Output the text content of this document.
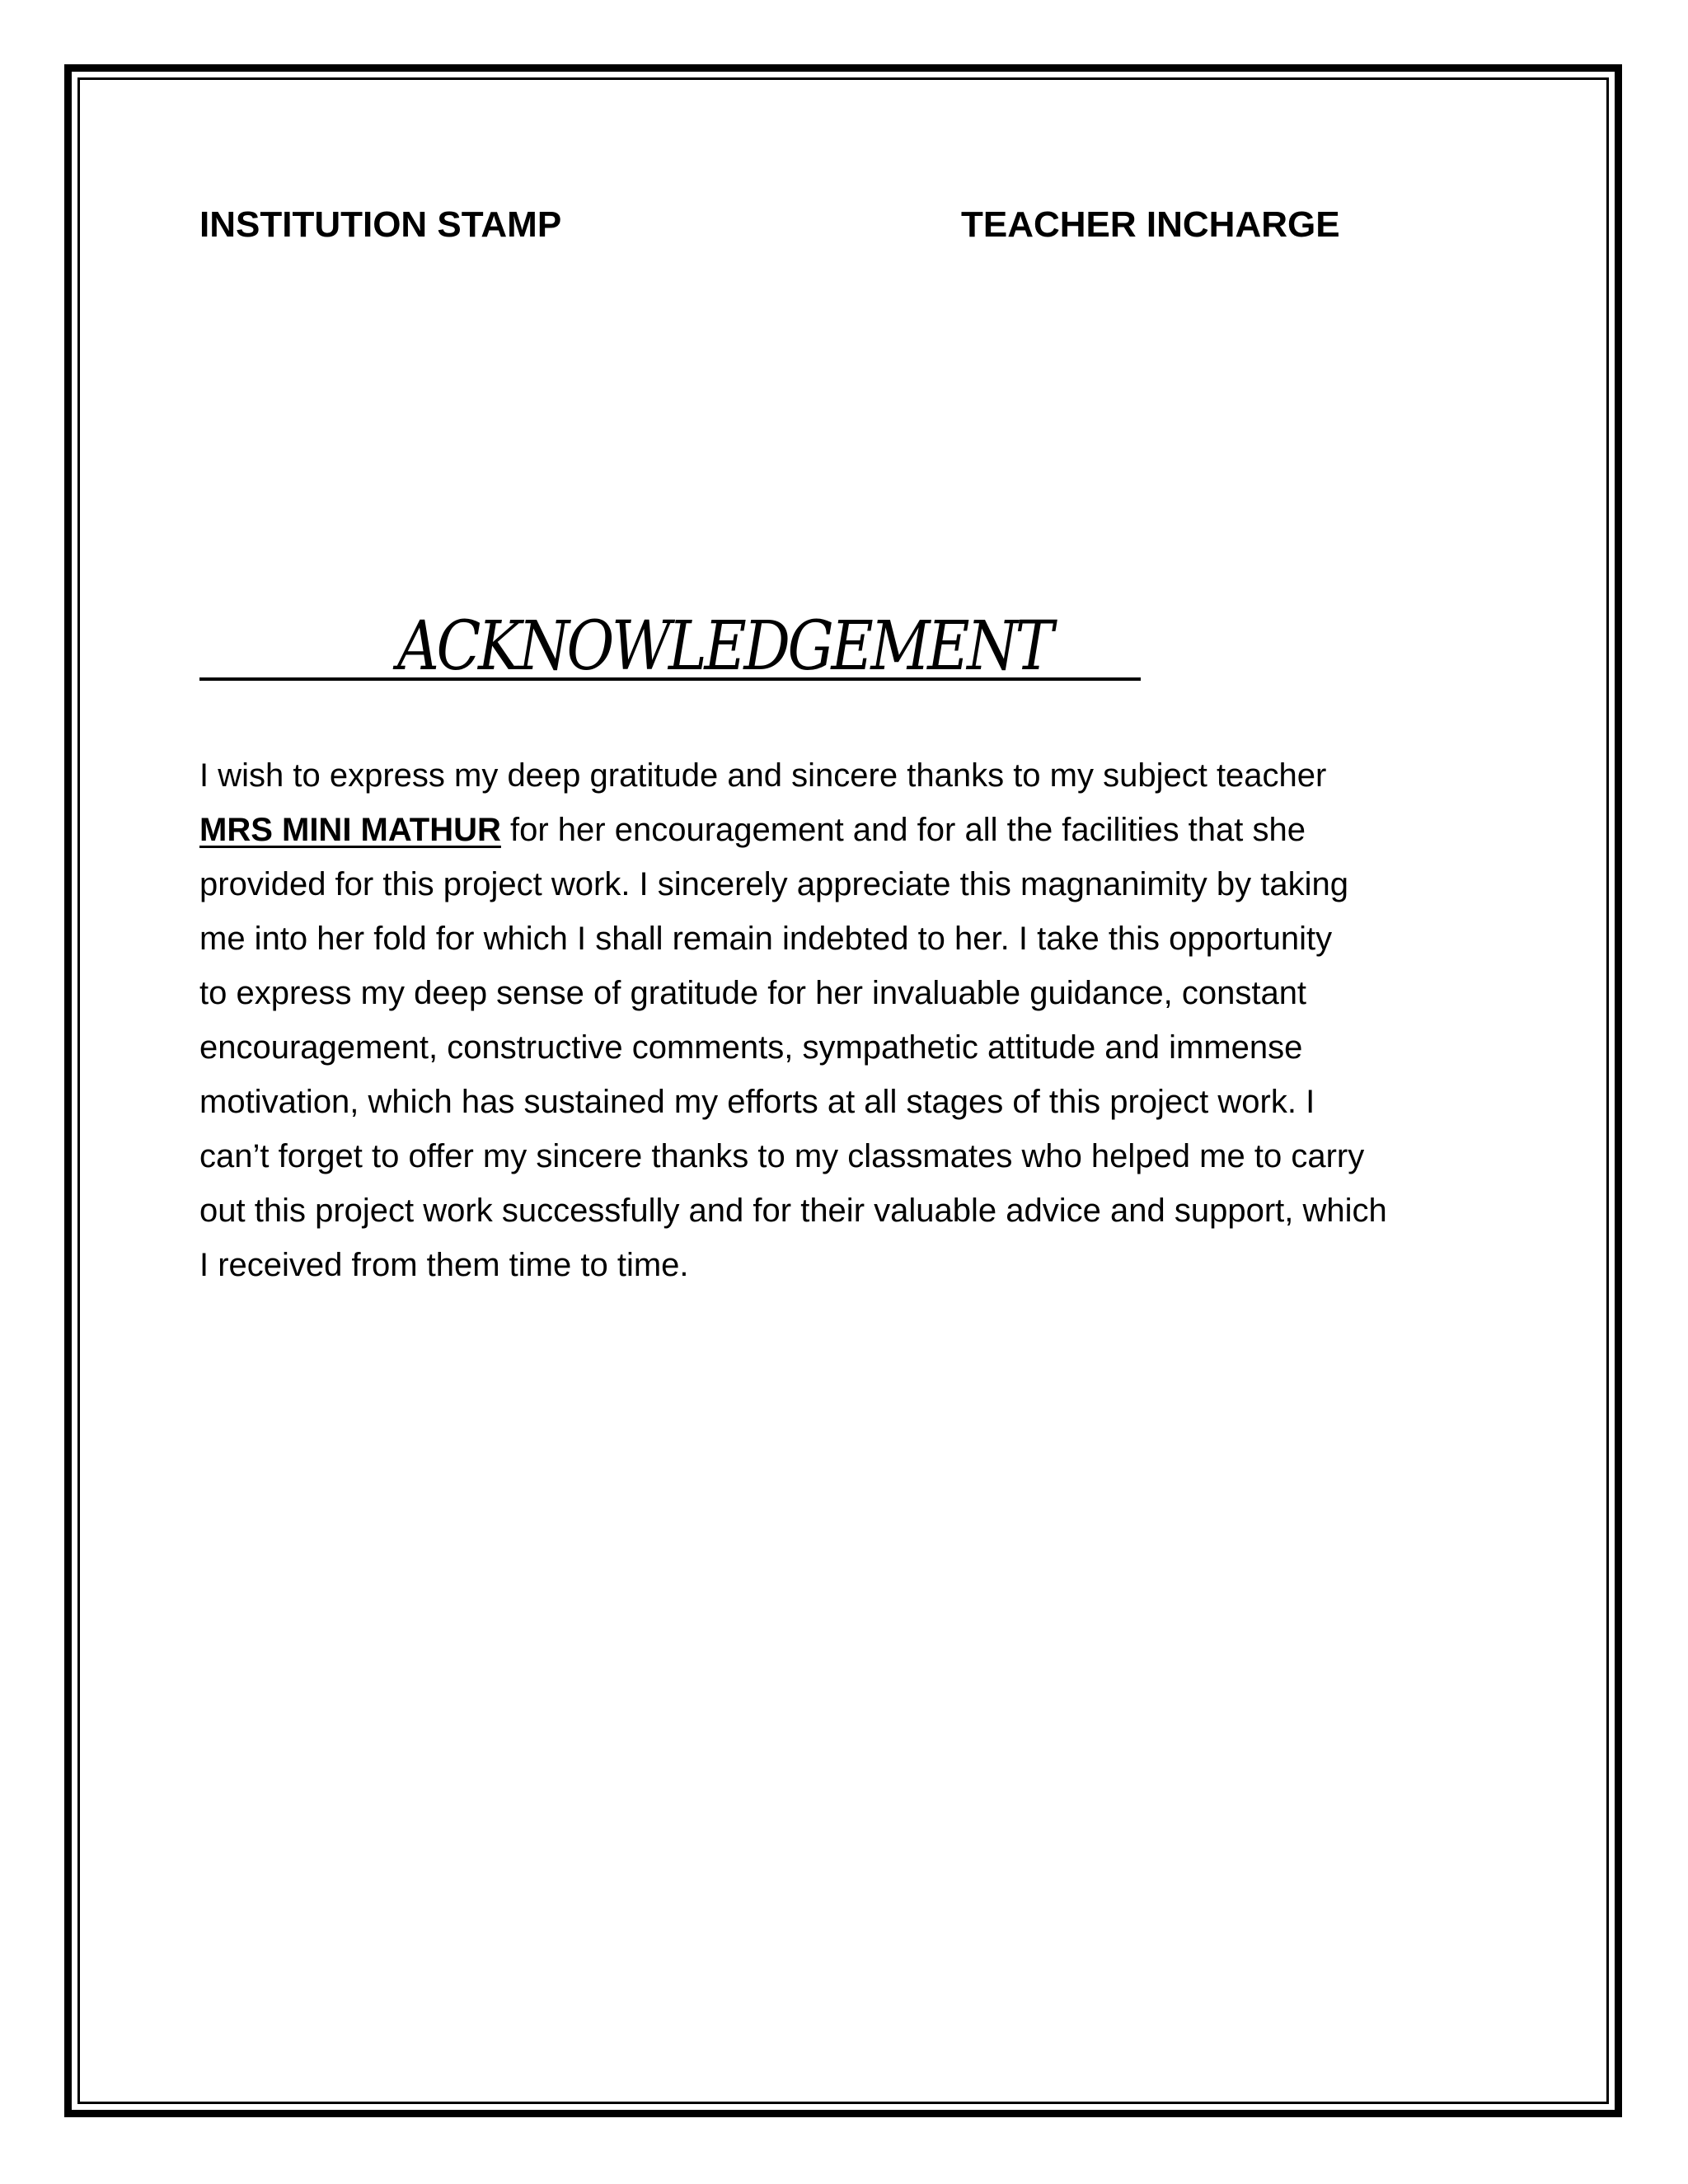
INSTITUTION STAMP	TEACHER INCHARGE
ACKNOWLEDGEMENT
I wish to express my deep gratitude and sincere thanks to my subject teacher
MRS MINI MATHUR for her encouragement and for all the facilities that she
provided for this project work. I sincerely appreciate this magnanimity by taking
me into her fold for which I shall remain indebted to her. I take this opportunity
to express my deep sense of gratitude for her invaluable guidance, constant
encouragement, constructive comments, sympathetic attitude and immense
motivation, which has sustained my efforts at all stages of this project work. I
can’t forget to offer my sincere thanks to my classmates who helped me to carry
out this project work successfully and for their valuable advice and support, which
I received from them time to time.
